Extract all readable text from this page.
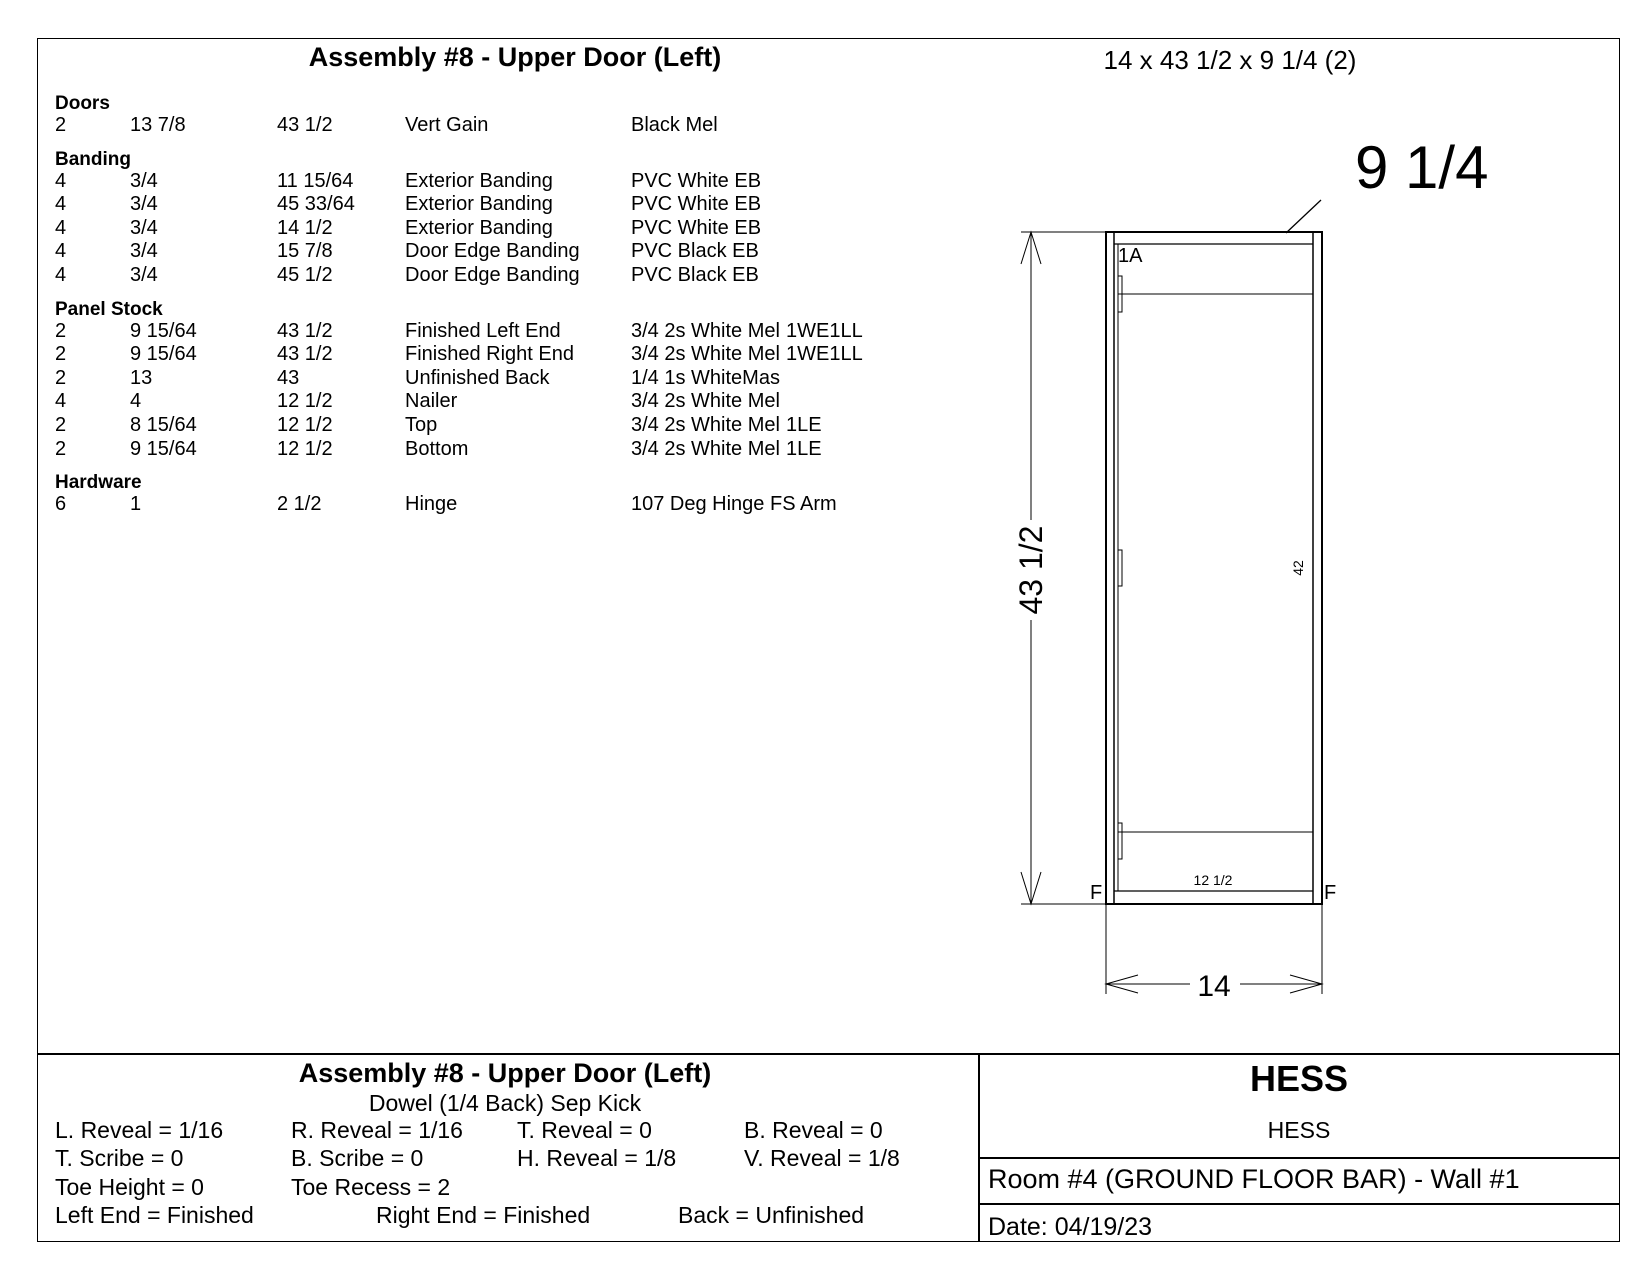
Assembly #8 - Upper Door (Left)	14 x 43 1/2 x 9 1/4 (2)
Doors
2	13 7/8	43 1/2	Vert Gain	Black Mel
Banding
4	3/4	11 15/64	Exterior Banding	PVC White EB
4	3/4	45 33/64	Exterior Banding	PVC White EB
4	3/4	14 1/2	Exterior Banding	PVC White EB
4	3/4	15 7/8	Door Edge Banding	PVC Black EB
4	3/4	45 1/2	Door Edge Banding	PVC Black EB
Panel Stock
2	9 15/64	43 1/2	Finished Left End	3/4 2s White Mel 1WE1LL
2	9 15/64	43 1/2	Finished Right End	3/4 2s White Mel 1WE1LL
2	13	43	Unfinished Back	1/4 1s WhiteMas
4	4	12 1/2	Nailer	3/4 2s White Mel
2	8 15/64	12 1/2	Top	3/4 2s White Mel 1LE
2	9 15/64	12 1/2	Bottom	3/4 2s White Mel 1LE
Hardware
6	1	2 1/2	Hinge	107 Deg Hinge FS Arm
9 1/4
1A
F	F
12 1/2
42
43 1/2
14
Assembly #8 - Upper Door (Left)
Dowel (1/4 Back) Sep Kick
L. Reveal = 1/16	R. Reveal = 1/16 T. Reveal = 0	B. Reveal = 0
T. Scribe = 0	B. Scribe = 0	H. Reveal = 1/8	V. Reveal = 1/8
Toe Height = 0	Toe Recess = 2
Left End = Finished	Right End = Finished	Back = Unfinished
HESS
HESS
Room #4 (GROUND FLOOR BAR) - Wall #1
Date: 04/19/23
